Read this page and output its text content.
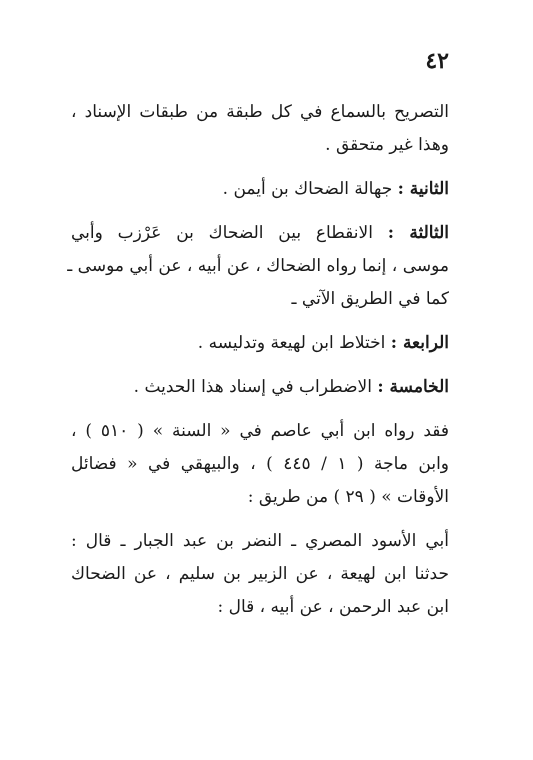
٤٢

التصريح بالسماع في كل طبقة من طبقات الإسناد ،
وهذا غير متحقق .

الثانية : جهالة الضحاك بن أيمن .

الثالثة : الانقطاع بين الضحاك بن عَرْزب وأبي
موسى ، إنما رواه الضحاك ، عن أبيه ، عن أبي موسى ـ
كما في الطريق الآتي ـ

الرابعة : اختلاط ابن لهيعة وتدليسه .

الخامسة : الاضطراب في إسناد هذا الحديث .

فقد رواه ابن أبي عاصم في « السنة » ( ٥١٠ ) ،
وابن ماجة ( ١ / ٤٤٥ ) ، والبيهقي في « فضائل
الأوقات » ( ٢٩ ) من طريق :

أبي الأسود المصري ـ النضر بن عبد الجبار ـ قال :
حدثنا ابن لهيعة ، عن الزبير بن سليم ، عن الضحاك
ابن عبد الرحمن ، عن أبيه ، قال :
